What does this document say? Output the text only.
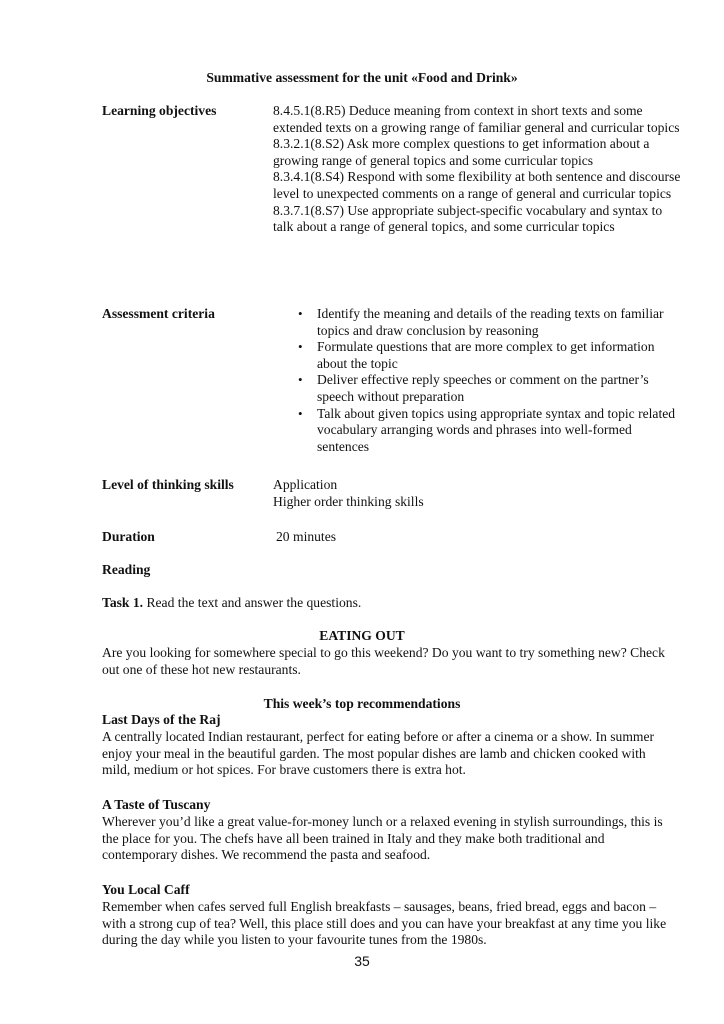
Summative assessment for the unit «Food and Drink»
Learning objectives	8.4.5.1(8.R5) Deduce meaning from context in short texts and some extended texts on a growing range of familiar general and curricular topics

8.3.2.1(8.S2) Ask more complex questions to get information about a growing range of general topics and some curricular topics

8.3.4.1(8.S4) Respond with some flexibility at both sentence and discourse level to unexpected comments on a range of general and curricular topics

8.3.7.1(8.S7) Use appropriate subject-specific vocabulary and syntax to talk about a range of general topics, and some curricular topics

Assessment criteria
•	Identify the meaning and details of the reading texts on familiar topics and draw conclusion by reasoning
• Formulate questions that are more complex to get information about the topic
• Deliver effective reply speeches or comment on the partner’s speech without preparation
• Talk about given topics using appropriate syntax and topic related vocabulary arranging words and phrases into well-formed sentences
Level of thinking skills	Application
Higher order thinking skills
Duration	20 minutes
Reading
Task 1. Read the text and answer the questions.
EATING OUT

Are you looking for somewhere special to go this weekend? Do you want to try something new? Check out one of these hot new restaurants.

This week’s top recommendations
Last Days of the Raj

A centrally located Indian restaurant, perfect for eating before or after a cinema or a show. In summer enjoy your meal in the beautiful garden. The most popular dishes are lamb and chicken cooked with mild, medium or hot spices. For brave customers there is extra hot.

A Taste of Tuscany

Wherever you’d like a great value-for-money lunch or a relaxed evening in stylish surroundings, this is the place for you. The chefs have all been trained in Italy and they make both traditional and contemporary dishes. We recommend the pasta and seafood.

You Local Caff

Remember when cafes served full English breakfasts – sausages, beans, fried bread, eggs and bacon – with a strong cup of tea? Well, this place still does and you can have your breakfast at any time you like during the day while you listen to your favourite tunes from the 1980s.

35
